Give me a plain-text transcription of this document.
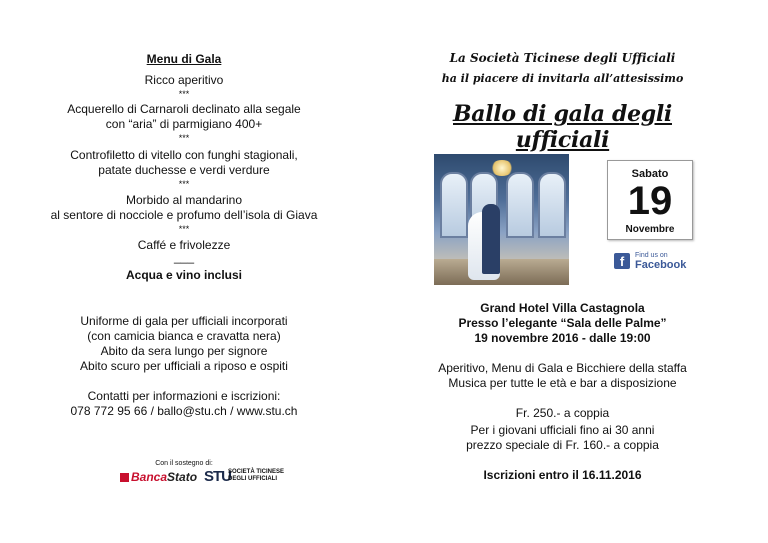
Menu di Gala
Ricco aperitivo
***
Acquerello di Carnaroli declinato alla segale
con “aria” di parmigiano 400+
***
Controfiletto di vitello con funghi stagionali,
patate duchesse e verdi verdure
***
Morbido al mandarino
al sentore di nocciole e profumo dell’isola di Giava
***
Caffé e frivolezze
___
Acqua e vino inclusi
Uniforme di gala per ufficiali incorporati
(con camicia bianca e cravatta nera)
Abito da sera lungo per signore
Abito scuro per ufficiali a riposo e ospiti
Contatti per informazioni e iscrizioni:
078 772 95 66 / ballo@stu.ch / www.stu.ch
Con il sostegno di:
BancaStato STU
SOCIETÀ TICINESE DEGLI UFFICIALI
La Società Ticinese degli Ufficiali
ha il piacere di invitarla all’attesissimo
Ballo di gala degli ufficiali
Grand Hotel Villa Castagnola
Presso l’elegante “Sala delle Palme”
19 novembre 2016 - dalle 19:00
Aperitivo, Menu di Gala e Bicchiere della staffa
Musica per tutte le età e bar a disposizione
Fr. 250.- a coppia
Per i giovani ufficiali fino ai 30 anni
prezzo speciale di Fr. 160.- a coppia
Iscrizioni entro il 16.11.2016
Sabato
19
Novembre
f	Find us on
Facebook
